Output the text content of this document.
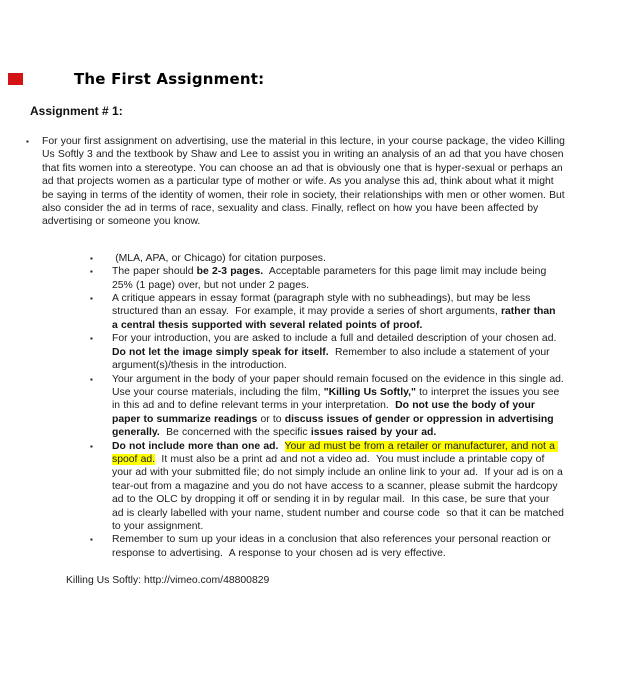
The First Assignment:
Assignment # 1:
▪	For your first assignment on advertising, use the material in this lecture, in your course package, the video Killing Us Softly 3 and the textbook by Shaw and Lee to assist you in writing an analysis of an ad that you have chosen that fits women into a stereotype. You can choose an ad that is obviously one that is hyper-sexual or perhaps an ad that projects women as a particular type of mother or wife. As you analyse this ad, think about what it might be saying in terms of the identity of women, their role in society, their relationships with men or other women. But also consider the ad in terms of race, sexuality and class. Finally, reflect on how you have been affected by advertising or someone you know.
▪	(MLA, APA, or Chicago) for citation purposes.
▪	The paper should be 2-3 pages.  Acceptable parameters for this page limit may include being 25% (1 page) over, but not under 2 pages.
▪	A critique appears in essay format (paragraph style with no subheadings), but may be less structured than an essay.  For example, it may provide a series of short arguments, rather than a central thesis supported with several related points of proof.
▪	For your introduction, you are asked to include a full and detailed description of your chosen ad.  Do not let the image simply speak for itself.  Remember to also include a statement of your argument(s)/thesis in the introduction.
▪	Your argument in the body of your paper should remain focused on the evidence in this single ad.  Use your course materials, including the film, "Killing Us Softly," to interpret the issues you see in this ad and to define relevant terms in your interpretation.  Do not use the body of your paper to summarize readings or to discuss issues of gender or oppression in advertising generally.  Be concerned with the specific issues raised by your ad.
▪	Do not include more than one ad. Your ad must be from a retailer or manufacturer, and not a spoof ad.  It must also be a print ad and not a video ad.  You must include a printable copy of your ad with your submitted file; do not simply include an online link to your ad.  If your ad is on a tear-out from a magazine and you do not have access to a scanner, please submit the hardcopy ad to the OLC by dropping it off or sending it in by regular mail.  In this case, be sure that your ad is clearly labelled with your name, student number and course code  so that it can be matched to your assignment.
▪	Remember to sum up your ideas in a conclusion that also references your personal reaction or response to advertising.  A response to your chosen ad is very effective.
Killing Us Softly: http://vimeo.com/48800829
